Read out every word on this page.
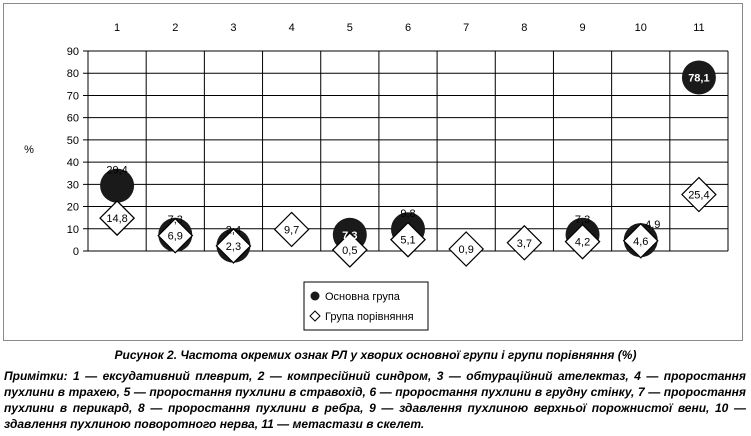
0
10
20
30
40
50
60
70
80
90
1	2	3	4	5	6	7	8	9	10	11
%
14,8
6,9
2,3
9,7
0,5
5,1
0,9
3,7	4,2	4,6
25,4
29,4
7,3
2,4	7,3
9,8	7,3	4,9
78,1
Основна група
Група порівняння
Рисунок 2. Частота окремих ознак РЛ у хворих основної групи і групи порівняння (%)
Примітки: 1 — ексудативний плеврит, 2 — компресійний синдром, 3 — обтураційний ателектаз, 4 — проростання пухлини в трахею, 5 — проростання пухлини в стравохід, 6 — проростання пухлини в грудну стінку, 7 — проростання пухлини в перикард, 8 — проростання пухлини в ребра, 9 — здавлення пухлиною верхньої порожнистої вени, 10 — здавлення пухлиною поворотного нерва, 11 — метастази в скелет.
